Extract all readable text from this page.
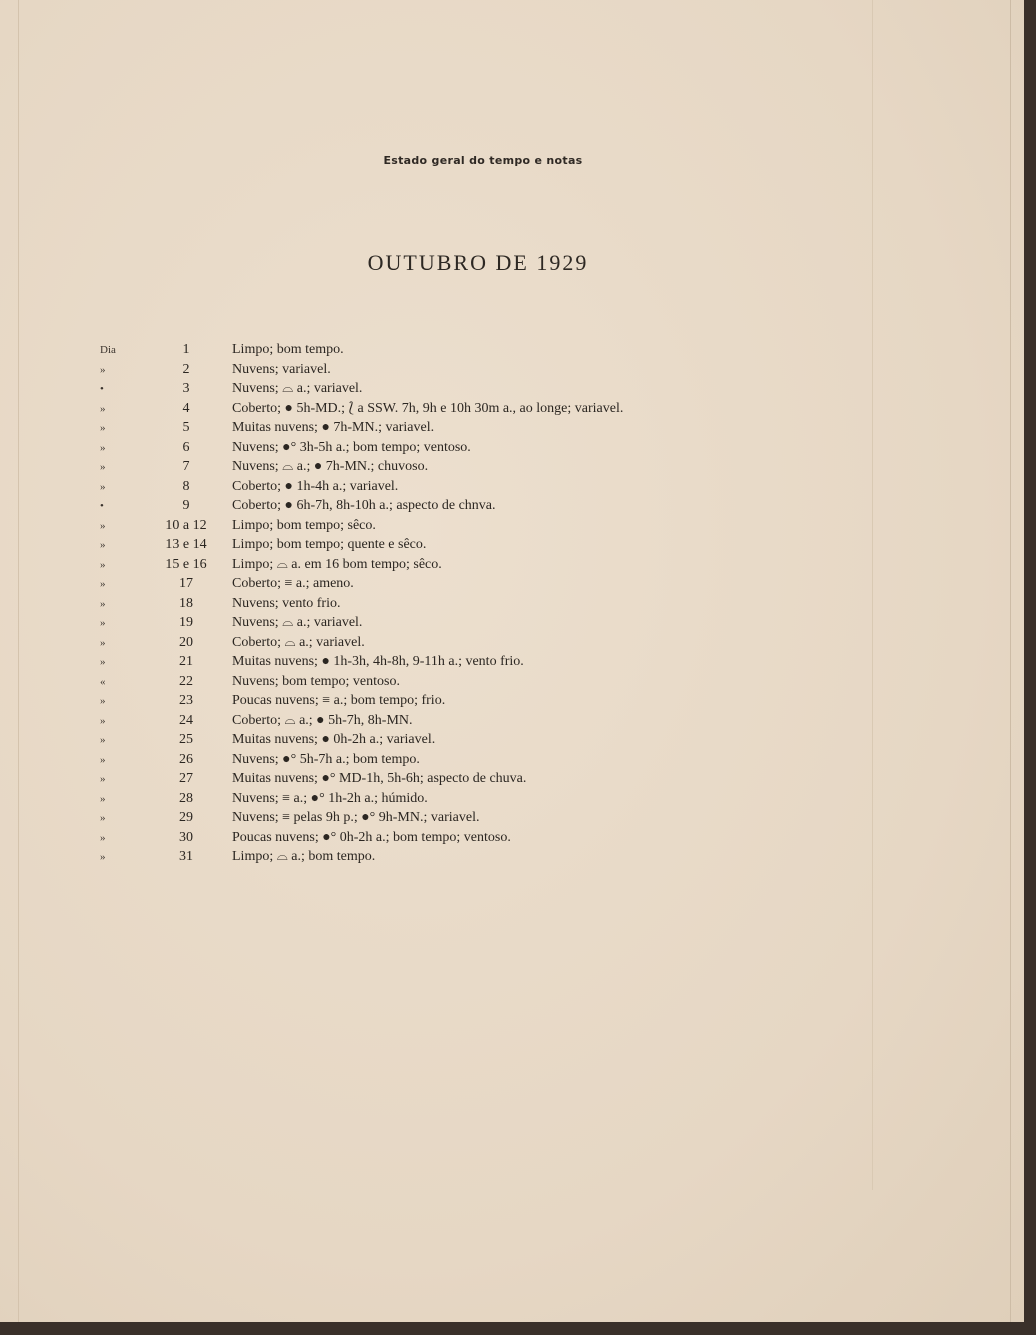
Estado geral do tempo e notas
OUTUBRO DE 1929
Dia	1	Limpo; bom tempo.
»	2	Nuvens; variavel.
•	3	Nuvens; ⌓ a.; variavel.
»	4	Coberto; ● 5h-MD.; ⟅ a SSW. 7h, 9h e 10h 30m a., ao longe; variavel.
»	5	Muitas nuvens; ● 7h-MN.; variavel.
»	6	Nuvens; ●° 3h-5h a.; bom tempo; ventoso.
»	7	Nuvens; ⌓ a.; ● 7h-MN.; chuvoso.
»	8	Coberto; ● 1h-4h a.; variavel.
•	9	Coberto; ● 6h-7h, 8h-10h a.; aspecto de chnva.
»	10 a 12	Limpo; bom tempo; sêco.
»	13 e 14	Limpo; bom tempo; quente e sêco.
»	15 e 16	Limpo; ⌓ a. em 16 bom tempo; sêco.
»	17	Coberto; ≡ a.; ameno.
»	18	Nuvens; vento frio.
»	19	Nuvens; ⌓ a.; variavel.
»	20	Coberto; ⌓ a.; variavel.
»	21	Muitas nuvens; ● 1h-3h, 4h-8h, 9-11h a.; vento frio.
«	22	Nuvens; bom tempo; ventoso.
»	23	Poucas nuvens; ≡ a.; bom tempo; frio.
»	24	Coberto; ⌓ a.; ● 5h-7h, 8h-MN.
»	25	Muitas nuvens; ● 0h-2h a.; variavel.
»	26	Nuvens; ●° 5h-7h a.; bom tempo.
»	27	Muitas nuvens; ●° MD-1h, 5h-6h; aspecto de chuva.
»	28	Nuvens; ≡ a.; ●° 1h-2h a.; húmido.
»	29	Nuvens; ≡ pelas 9h p.; ●° 9h-MN.; variavel.
»	30	Poucas nuvens; ●° 0h-2h a.; bom tempo; ventoso.
»	31	Limpo; ⌓ a.; bom tempo.
